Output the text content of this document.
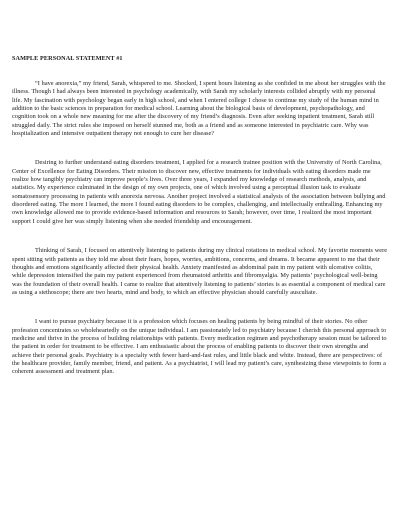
SAMPLE PERSONAL STATEMENT #1

“I have anorexia,” my friend, Sarah, whispered to me. Shocked, I spent hours listening as she confided in me about her struggles with the illness. Though I had always been interested in psychology academically, with Sarah my scholarly interests collided abruptly with my personal life. My fascination with psychology began early in high school, and when I entered college I chose to continue my study of the human mind in addition to the basic sciences in preparation for medical school. Learning about the biological basis of development, psychopathology, and cognition took on a whole new meaning for me after the discovery of my friend’s diagnosis. Even after seeking inpatient treatment, Sarah still struggled daily. The strict rules she imposed on herself stunned me, both as a friend and as someone interested in psychiatric care. Why was hospitalization and intensive outpatient therapy not enough to cure her disease?

Desiring to further understand eating disorders treatment, I applied for a research trainee position with the University of North Carolina, Center of Excellence for Eating Disorders. Their mission to discover new, effective treatments for individuals with eating disorders made me realize how tangibly psychiatry can improve people’s lives. Over three years, I expanded my knowledge of research methods, analysis, and statistics. My experience culminated in the design of my own projects, one of which involved using a perceptual illusion task to evaluate somatosensory processing in patients with anorexia nervosa. Another project involved a statistical analysis of the association between bullying and disordered eating. The more I learned, the more I found eating disorders to be complex, challenging, and intellectually enthralling. Enhancing my own knowledge allowed me to provide evidence-based information and resources to Sarah; however, over time, I realized the most important support I could give her was simply listening when she needed friendship and encouragement.

Thinking of Sarah, I focused on attentively listening to patients during my clinical rotations in medical school. My favorite moments were spent sitting with patients as they told me about their fears, hopes, worries, ambitions, concerns, and dreams. It became apparent to me that their thoughts and emotions significantly affected their physical health. Anxiety manifested as abdominal pain in my patient with ulcerative colitis, while depression intensified the pain my patient experienced from rheumatoid arthritis and fibromyalgia. My patients’ psychological well-being was the foundation of their overall health. I came to realize that attentively listening to patients’ stories is as essential a component of medical care as using a stethoscope; there are two hearts, mind and body, to which an effective physician should carefully auscultate.

I want to pursue psychiatry because it is a profession which focuses on healing patients by being mindful of their stories. No other profession concentrates so wholeheartedly on the unique individual. I am passionately led to psychiatry because I cherish this personal approach to medicine and thrive in the process of building relationships with patients. Every medication regimen and psychotherapy session must be tailored to the patient in order for treatment to be effective. I am enthusiastic about the process of enabling patients to discover their own strengths and achieve their personal goals. Psychiatry is a specialty with fewer hard-and-fast rules, and little black and white. Instead, there are perspectives: of the healthcare provider, family member, friend, and patient. As a psychiatrist, I will lead my patient’s care, synthesizing these viewpoints to form a coherent assessment and treatment plan.
